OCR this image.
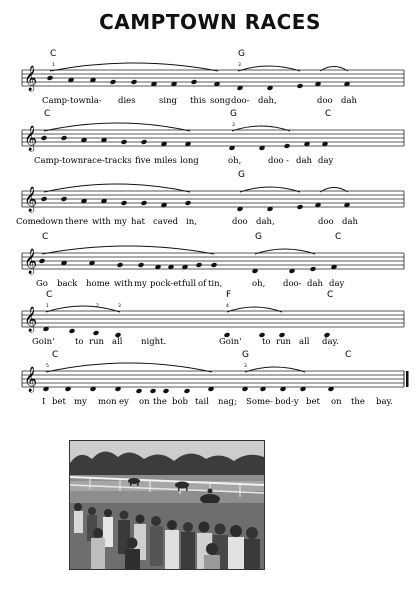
CAMPTOWN RACES
𝄞
C	G
1	3
Camp-town la- dies	sing this song doo- dah,	doo dah
𝄞
C	G	C
3
Camp-town race-tracks five miles long	oh,	doo - dah day
𝄞
G
Come down there with my hat caved in,	doo dah,	doo dah
𝄞
C	G	C
Go back home with my pock-et full of tin,	oh, doo- dah day
𝄞
C	F	C
1	2	3	4
Goin' to run all night.	Goin' to run all day.
𝄞
C	G	C
5	3
I bet my mon ey on the bob tail nag; Some- bod-y bet on the bay.
